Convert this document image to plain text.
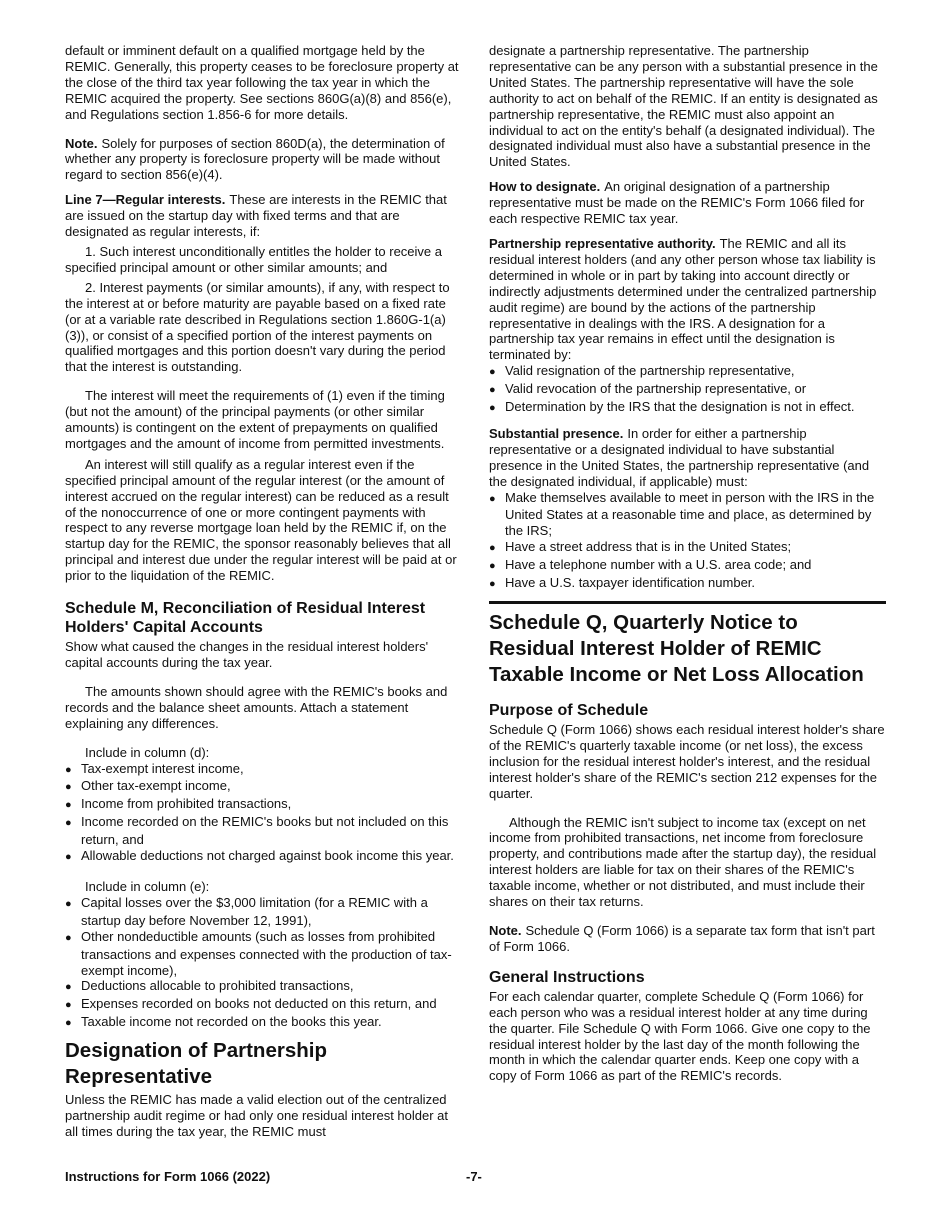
default or imminent default on a qualified mortgage held by the REMIC. Generally, this property ceases to be foreclosure property at the close of the third tax year following the tax year in which the REMIC acquired the property. See sections 860G(a)(8) and 856(e), and Regulations section 1.856-6 for more details.

Note. Solely for purposes of section 860D(a), the determination of whether any property is foreclosure property will be made without regard to section 856(e)(4).

Line 7—Regular interests. These are interests in the REMIC that are issued on the startup day with fixed terms and that are designated as regular interests, if:

1. Such interest unconditionally entitles the holder to receive a specified principal amount or other similar amounts; and

2. Interest payments (or similar amounts), if any, with respect to the interest at or before maturity are payable based on a fixed rate (or at a variable rate described in Regulations section 1.860G-1(a)(3)), or consist of a specified portion of the interest payments on qualified mortgages and this portion doesn't vary during the period that the interest is outstanding.

The interest will meet the requirements of (1) even if the timing (but not the amount) of the principal payments (or other similar amounts) is contingent on the extent of prepayments on qualified mortgages and the amount of income from permitted investments.

An interest will still qualify as a regular interest even if the specified principal amount of the regular interest (or the amount of interest accrued on the regular interest) can be reduced as a result of the nonoccurrence of one or more contingent payments with respect to any reverse mortgage loan held by the REMIC if, on the startup day for the REMIC, the sponsor reasonably believes that all principal and interest due under the regular interest will be paid at or prior to the liquidation of the REMIC.

Schedule M, Reconciliation of Residual Interest Holders' Capital Accounts

Show what caused the changes in the residual interest holders' capital accounts during the tax year.

The amounts shown should agree with the REMIC's books and records and the balance sheet amounts. Attach a statement explaining any differences.

Include in column (d):

● Tax-exempt interest income,

● Other tax-exempt income,

● Income from prohibited transactions,

● Income recorded on the REMIC's books but not included on this return, and

● Allowable deductions not charged against book income this year.

Include in column (e):

● Capital losses over the $3,000 limitation (for a REMIC with a startup day before November 12, 1991),

● Other nondeductible amounts (such as losses from prohibited transactions and expenses connected with the production of tax-exempt income),

● Deductions allocable to prohibited transactions,

● Expenses recorded on books not deducted on this return, and

● Taxable income not recorded on the books this year.

Designation of Partnership Representative

Unless the REMIC has made a valid election out of the centralized partnership audit regime or had only one residual interest holder at all times during the tax year, the REMIC must

designate a partnership representative. The partnership representative can be any person with a substantial presence in the United States. The partnership representative will have the sole authority to act on behalf of the REMIC. If an entity is designated as partnership representative, the REMIC must also appoint an individual to act on the entity's behalf (a designated individual). The designated individual must also have a substantial presence in the United States.

How to designate. An original designation of a partnership representative must be made on the REMIC's Form 1066 filed for each respective REMIC tax year.

Partnership representative authority. The REMIC and all its residual interest holders (and any other person whose tax liability is determined in whole or in part by taking into account directly or indirectly adjustments determined under the centralized partnership audit regime) are bound by the actions of the partnership representative in dealings with the IRS. A designation for a partnership tax year remains in effect until the designation is terminated by:

● Valid resignation of the partnership representative,

● Valid revocation of the partnership representative, or

● Determination by the IRS that the designation is not in effect.

Substantial presence. In order for either a partnership representative or a designated individual to have substantial presence in the United States, the partnership representative (and the designated individual, if applicable) must:

● Make themselves available to meet in person with the IRS in the United States at a reasonable time and place, as determined by the IRS;

● Have a street address that is in the United States;

● Have a telephone number with a U.S. area code; and

● Have a U.S. taxpayer identification number.

Schedule Q, Quarterly Notice to Residual Interest Holder of REMIC Taxable Income or Net Loss Allocation
Purpose of Schedule

Schedule Q (Form 1066) shows each residual interest holder's share of the REMIC's quarterly taxable income (or net loss), the excess inclusion for the residual interest holder's interest, and the residual interest holder's share of the REMIC's section 212 expenses for the quarter.

Although the REMIC isn't subject to income tax (except on net income from prohibited transactions, net income from foreclosure property, and contributions made after the startup day), the residual interest holders are liable for tax on their shares of the REMIC's taxable income, whether or not distributed, and must include their shares on their tax returns.

Note. Schedule Q (Form 1066) is a separate tax form that isn't part of Form 1066.

General Instructions

For each calendar quarter, complete Schedule Q (Form 1066) for each person who was a residual interest holder at any time during the quarter. File Schedule Q with Form 1066. Give one copy to the residual interest holder by the last day of the month following the month in which the calendar quarter ends. Keep one copy with a copy of Form 1066 as part of the REMIC's records.

Instructions for Form 1066 (2022)	-7-
